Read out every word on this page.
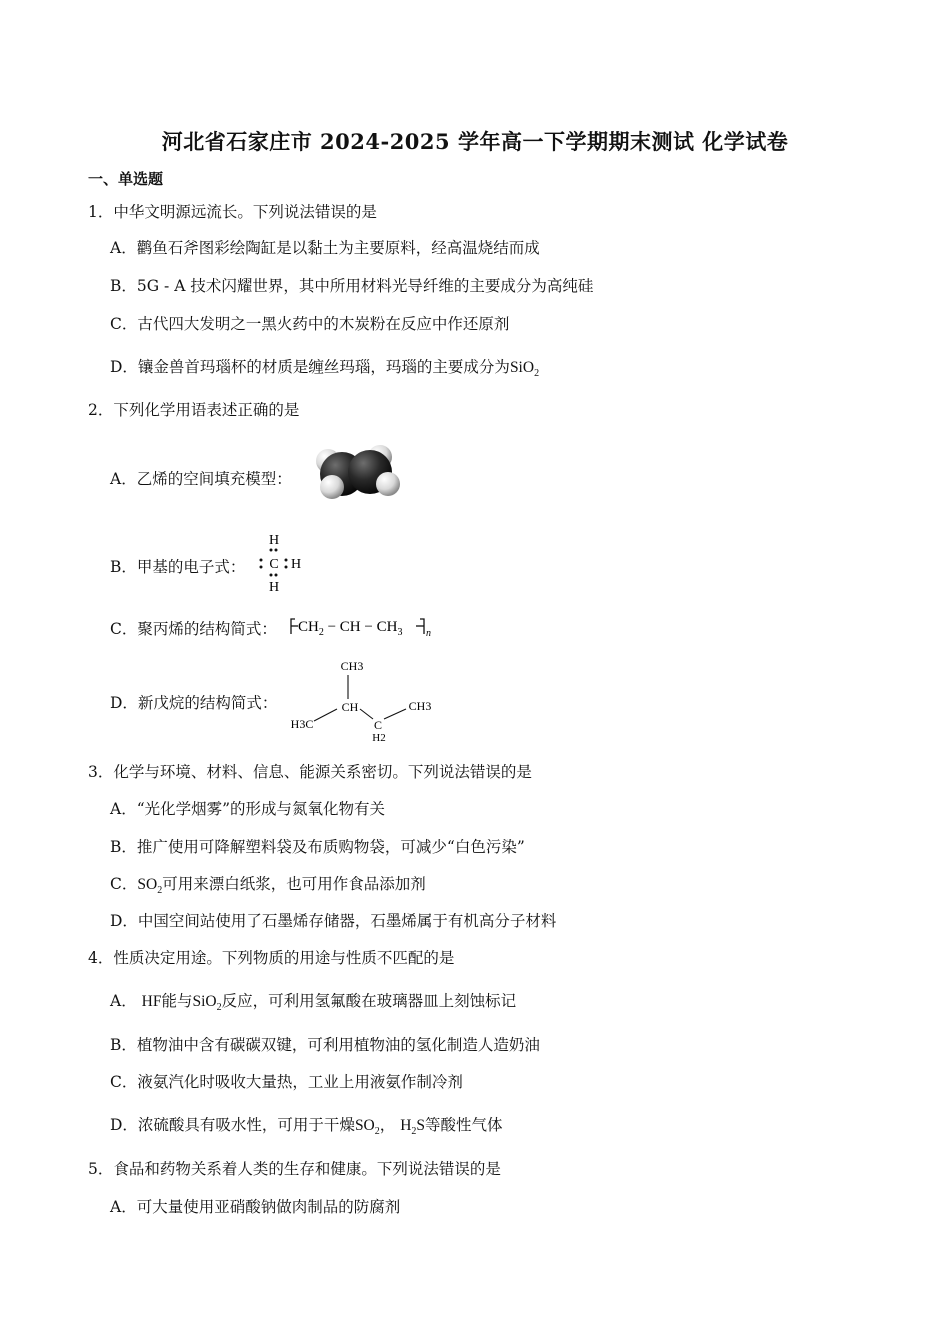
河北省石家庄市 2024-2025 学年高一下学期期末测试 化学试卷
一、单选题
1．中华文明源远流长。下列说法错误的是
A．鹳鱼石斧图彩绘陶缸是以黏土为主要原料，经高温烧结而成
B．5G - A 技术闪耀世界，其中所用材料光导纤维的主要成分为高纯硅
C．古代四大发明之一黑火药中的木炭粉在反应中作还原剂
D．镶金兽首玛瑙杯的材质是缠丝玛瑙，玛瑙的主要成分为SiO$_2$
2．下列化学用语表述正确的是
A．乙烯的空间填充模型：
B．甲基的电子式：
H
C H
H
C．聚丙烯的结构简式： $CH_2$ − CH − $CH_3$ n
D．新戊烷的结构简式：
CH3
CH
H3C	C
H2
CH3
3．化学与环境、材料、信息、能源关系密切。下列说法错误的是
A．“光化学烟雾”的形成与氮氧化物有关
B．推广使用可降解塑料袋及布质购物袋，可减少“白色污染”
C．$SO_2$可用来漂白纸浆，也可用作食品添加剂
D．中国空间站使用了石墨烯存储器，石墨烯属于有机高分子材料
4．性质决定用途。下列物质的用途与性质不匹配的是
A． HF能与SiO$_2$反应，可利用氢氟酸在玻璃器皿上刻蚀标记
B．植物油中含有碳碳双键，可利用植物油的氢化制造人造奶油
C．液氨汽化时吸收大量热，工业上用液氨作制冷剂
D．浓硫酸具有吸水性，可用于干燥$SO_2$， $H_2S$等酸性气体
5．食品和药物关系着人类的生存和健康。下列说法错误的是
A．可大量使用亚硝酸钠做肉制品的防腐剂
